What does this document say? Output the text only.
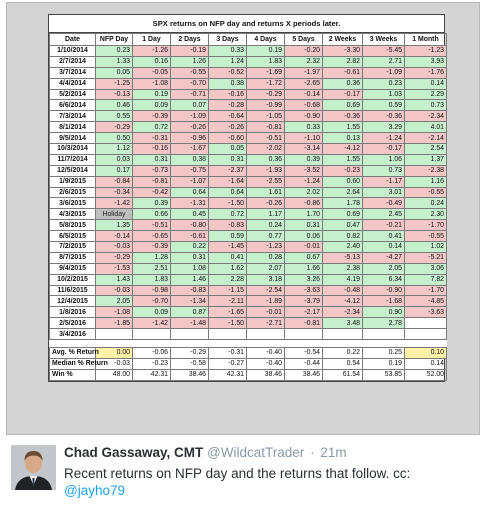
SPX returns on NFP day and returns X periods later.
Date	NFP Day	1 Day	2 Days	3 Days	4 Days	5 Days	2 Weeks	3 Weeks	1 Month
1/10/2014	0.23	-1.26	-0.19	0.33	0.19	-0.20	-3.30	-5.45	-1.23
2/7/2014	1.33	0.16	1.26	1.24	1.83	2.32	2.82	2.71	3.93
3/7/2014	0.05	-0.05	-0.55	-0.52	-1.69	-1.97	-0.61	-1.09	-1.76
4/4/2014	-1.25	-1.08	-0.70	0.38	-1.72	-2.65	0.36	0.23	0.14
5/2/2014	-0.13	0.19	-0.71	-0.16	-0.29	-0.14	-0.17	1.03	2.29
6/6/2014	0.46	0.09	0.07	-0.28	-0.99	-0.68	0.69	0.59	0.73
7/3/2014	0.55	-0.39	-1.09	-0.64	-1.05	-0.90	-0.36	-0.36	-2.34
8/1/2014	-0.29	0.72	-0.26	-0.26	-0.81	0.33	1.55	3.29	4.01
9/5/2014	0.50	-0.31	-0.96	-0.60	-0.51	-1.10	0.13	-1.24	-2.14
10/3/2014	1.12	-0.16	-1.67	0.05	-2.02	-3.14	-4.12	-0.17	2.54
11/7/2014	0.03	0.31	0.38	0.31	0.36	0.39	1.55	1.06	1.37
12/5/2014	0.17	-0.73	-0.75	-2.37	-1.93	-3.52	-0.23	0.73	-2.38
1/9/2015	-0.84	-0.81	-1.07	-1.64	-2.55	-1.24	0.60	-1.17	1.16
2/6/2015	-0.34	-0.42	0.64	0.64	1.61	2.02	2.64	3.01	-0.55
3/6/2015	-1.42	0.39	-1.31	-1.50	-0.26	-0.86	1.78	-0.49	0.24
4/3/2015	Holiday	0.66	0.45	0.72	1.17	1.70	0.69	2.45	2.30
5/8/2015	1.35	-0.51	-0.80	-0.83	0.24	0.31	0.47	-0.21	-1.70
6/5/2015	-0.14	-0.65	-0.61	0.59	0.77	0.06	0.82	0.41	-0.55
7/2/2015	-0.03	-0.39	0.22	-1.45	-1.23	-0.01	2.40	0.14	1.02
8/7/2015	-0.29	1.28	0.31	0.41	0.28	0.67	-5.13	-4.27	-5.21
9/4/2015	-1.53	2.51	1.08	1.62	2.07	1.66	2.38	2.05	3.06
10/2/2015	1.43	1.83	1.46	2.28	3.18	3.26	4.19	6.34	7.82
11/6/2015	-0.03	-0.98	-0.83	-1.15	-2.54	-3.63	-0.48	-0.90	-1.70
12/4/2015	2.05	-0.70	-1.34	-2.11	-1.89	-3.79	-4.12	-1.68	-4.85
1/8/2016	-1.08	0.09	0.87	-1.65	-0.01	-2.17	-2.34	0.90	-3.63
2/5/2016	-1.85	-1.42	-1.48	-1.50	-2.71	-0.81	3.48	2.78	
3/4/2016									

Avg. % Return	0.00	-0.06	-0.29	-0.31	-0.40	-0.54	0.22	0.25	0.10
Median % Return	-0.03	-0.23	-0.58	-0.27	-0.40	-0.44	0.54	0.19	0.14
Win %	48.00	42.31	38.46	42.31	38.46	38.46	61.54	53.85	52.00
Chad Gassaway, CMT @WildcatTrader · 21m
Recent returns on NFP day and the returns that follow. cc:
@jayho79
